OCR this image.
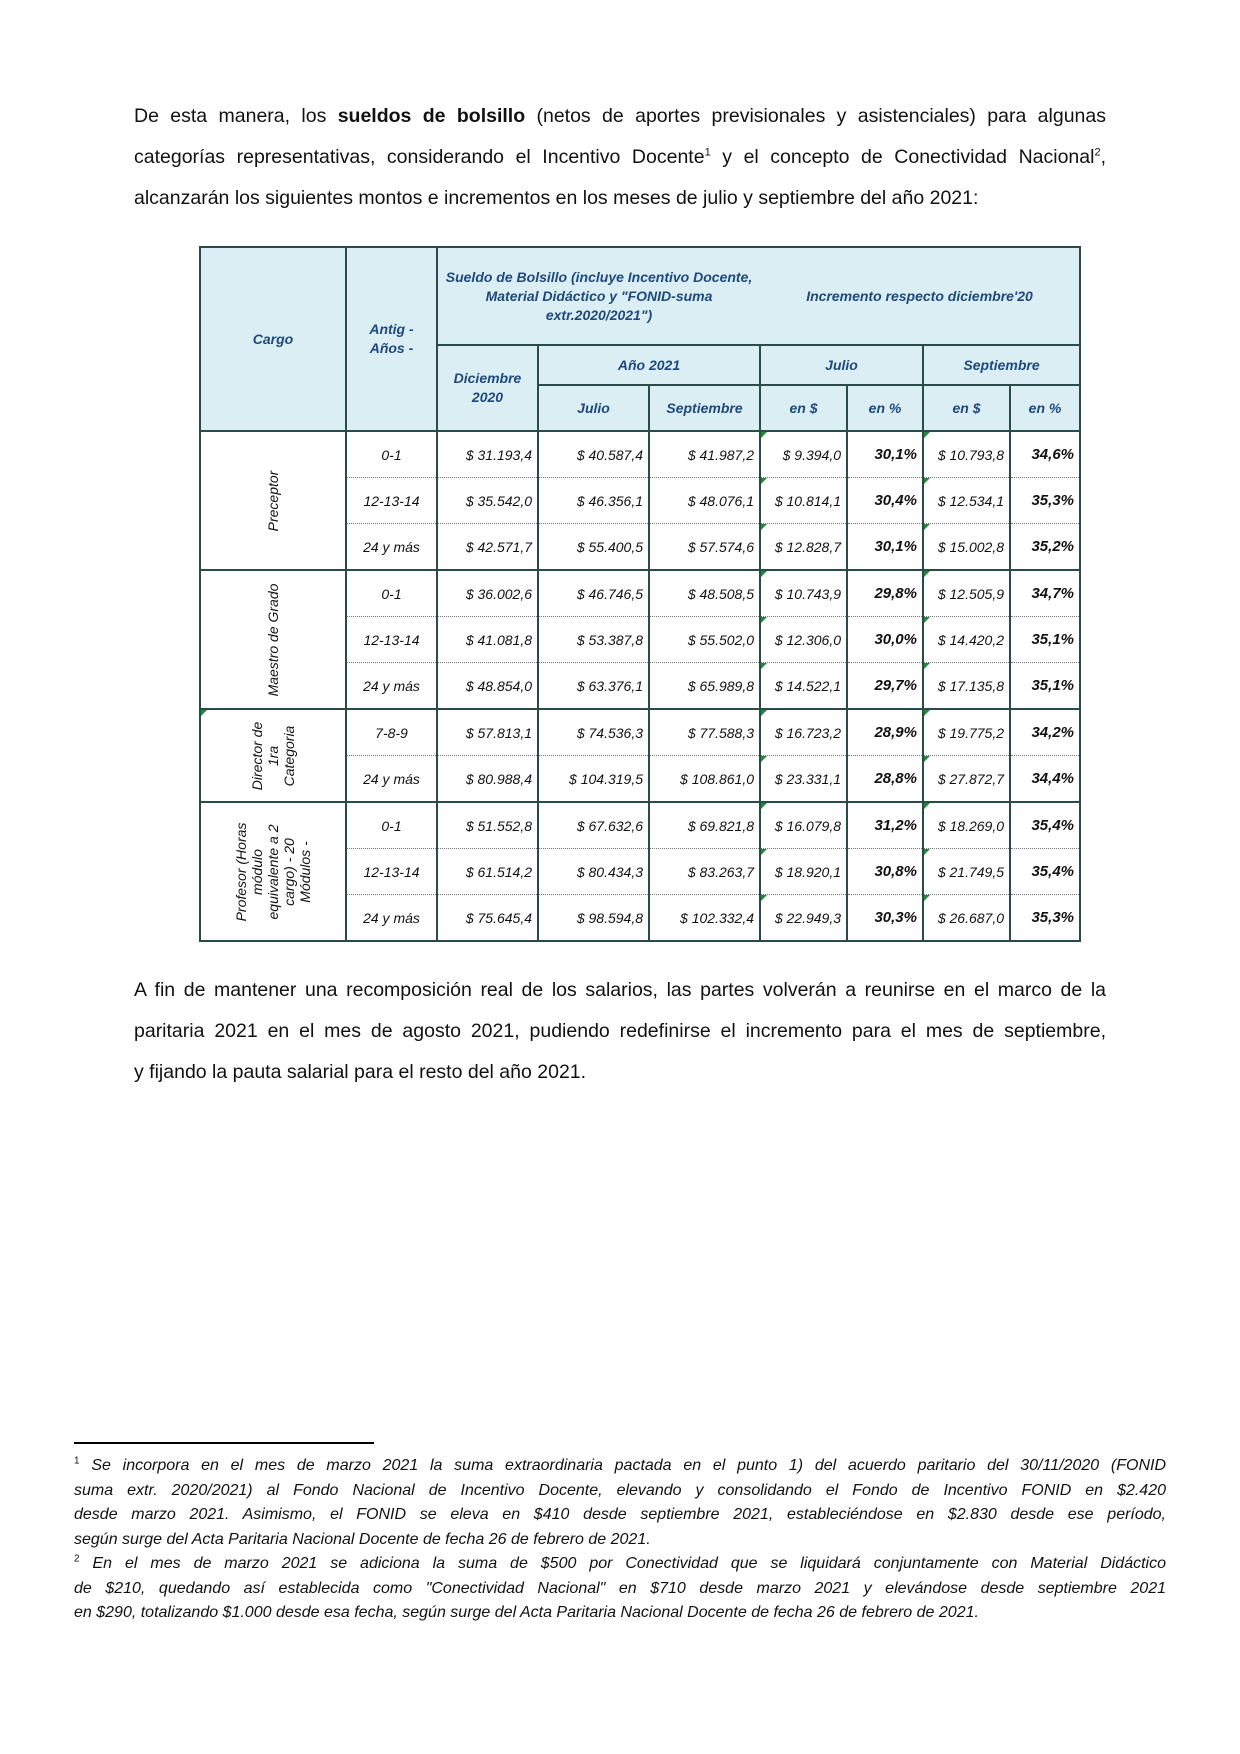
De esta manera, los sueldos de bolsillo (netos de aportes previsionales y asistenciales) para algunas
categorías representativas, considerando el Incentivo Docente$^1$ y el concepto de Conectividad Nacional$^2$,
alcanzarán los siguientes montos e incrementos en los meses de julio y septiembre del año 2021:
Cargo	Antig - Años -	Sueldo de Bolsillo (incluye Incentivo Docente, Material Didáctico y "FONID-suma extr.2020/2021")			Incremento respecto diciembre'20			
		Diciembre 2020	Año 2021		Julio		Septiembre	
			Julio	Septiembre	en $	en %	en $	en %

Preceptor	0-1	$ 31.193,4	$ 40.587,4	$ 41.987,2	$ 9.394,0	30,1%	$ 10.793,8	34,6%
	12-13-14	$ 35.542,0	$ 46.356,1	$ 48.076,1	$ 10.814,1	30,4%	$ 12.534,1	35,3%
	24 y más	$ 42.571,7	$ 55.400,5	$ 57.574,6	$ 12.828,7	30,1%	$ 15.002,8	35,2%

Maestro de Grado	0-1	$ 36.002,6	$ 46.746,5	$ 48.508,5	$ 10.743,9	29,8%	$ 12.505,9	34,7%
	12-13-14	$ 41.081,8	$ 53.387,8	$ 55.502,0	$ 12.306,0	30,0%	$ 14.420,2	35,1%
	24 y más	$ 48.854,0	$ 63.376,1	$ 65.989,8	$ 14.522,1	29,7%	$ 17.135,8	35,1%

Director de 1ra Categoria	7-8-9	$ 57.813,1	$ 74.536,3	$ 77.588,3	$ 16.723,2	28,9%	$ 19.775,2	34,2%
	24 y más	$ 80.988,4	$ 104.319,5	$ 108.861,0	$ 23.331,1	28,8%	$ 27.872,7	34,4%

Profesor (Horas módulo equivalente a 2 cargo) - 20 Módulos -	0-1	$ 51.552,8	$ 67.632,6	$ 69.821,8	$ 16.079,8	31,2%	$ 18.269,0	35,4%
	12-13-14	$ 61.514,2	$ 80.434,3	$ 83.263,7	$ 18.920,1	30,8%	$ 21.749,5	35,4%
	24 y más	$ 75.645,4	$ 98.594,8	$ 102.332,4	$ 22.949,3	30,3%	$ 26.687,0	35,3%
A fin de mantener una recomposición real de los salarios, las partes volverán a reunirse en el marco de la
paritaria 2021 en el mes de agosto 2021, pudiendo redefinirse el incremento para el mes de septiembre,
y fijando la pauta salarial para el resto del año 2021.
$^1$ Se incorpora en el mes de marzo 2021 la suma extraordinaria pactada en el punto 1) del acuerdo paritario del 30/11/2020 (FONID
suma extr. 2020/2021) al Fondo Nacional de Incentivo Docente, elevando y consolidando el Fondo de Incentivo FONID en $2.420
desde marzo 2021. Asimismo, el FONID se eleva en $410 desde septiembre 2021, estableciéndose en $2.830 desde ese período,
según surge del Acta Paritaria Nacional Docente de fecha 26 de febrero de 2021.
$^2$ En el mes de marzo 2021 se adiciona la suma de $500 por Conectividad que se liquidará conjuntamente con Material Didáctico
de $210, quedando así establecida como "Conectividad Nacional" en $710 desde marzo 2021 y elevándose desde septiembre 2021
en $290, totalizando $1.000 desde esa fecha, según surge del Acta Paritaria Nacional Docente de fecha 26 de febrero de 2021.
